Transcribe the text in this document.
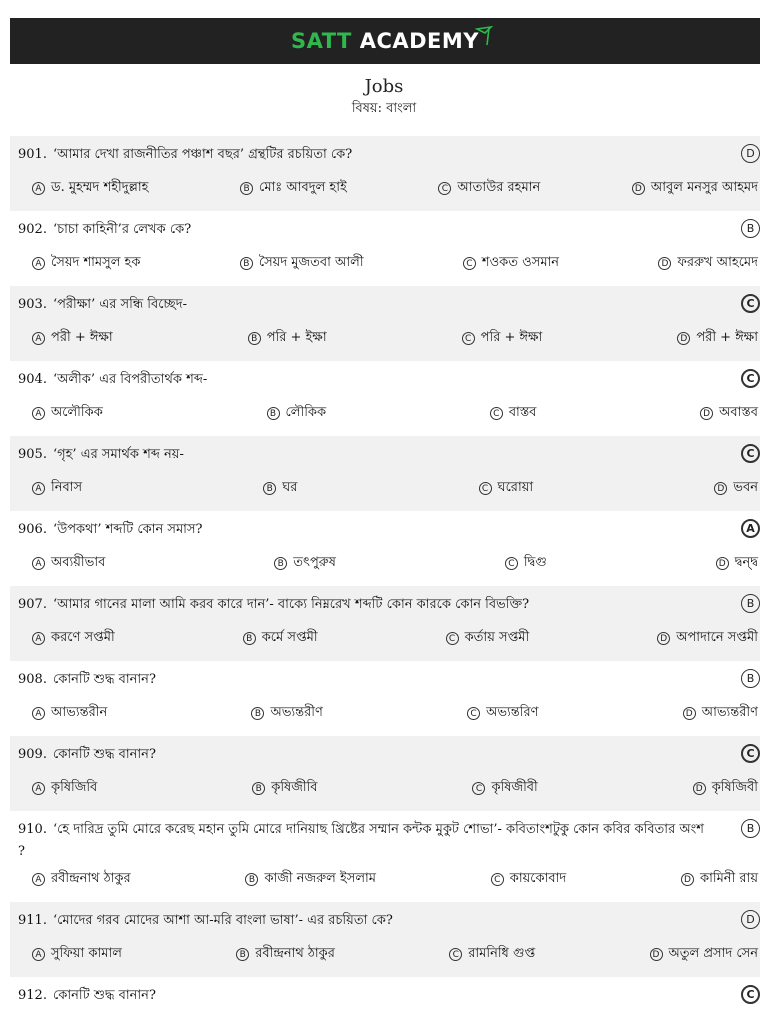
SATT ACADEMY
Jobs
বিষয়: বাংলা
901. ‘আমার দেখা রাজনীতির পঞ্চাশ বছর’ গ্রন্থটির রচয়িতা কে?	D
A ড. মুহম্মদ শহীদুল্লাহ	B মোঃ আবদুল হাই	C আতাউর রহমান	D আবুল মনসুর আহমদ
902. ‘চাচা কাহিনী’র লেখক কে?	B
A সৈয়দ শামসুল হক	B সৈয়দ মুজতবা আলী	C শওকত ওসমান	D ফররুখ আহমেদ
903. ‘পরীক্ষা’ এর সন্ধি বিচ্ছেদ-	C
A পরী + ঈক্ষা	B পরি + ইক্ষা	C পরি + ঈক্ষা	D পরী + ঈক্ষা
904. ‘অলীক’ এর বিপরীতার্থক শব্দ-	C
A অলৌকিক	B লৌকিক	C বাস্তব	D অবাস্তব
905. ‘গৃহ’ এর সমার্থক শব্দ নয়-	C
A নিবাস	B ঘর	C ঘরোয়া	D ভবন
906. ‘উপকথা’ শব্দটি কোন সমাস?	A
A অব্যয়ীভাব	B তৎপুরুষ	C দ্বিগু	D দ্বন্দ্ব
907. ‘আমার গানের মালা আমি করব কারে দান’- বাক্যে নিম্নরেখ শব্দটি কোন কারকে কোন বিভক্তি?	B
A করণে সপ্তমী	B কর্মে সপ্তমী	C কর্তায় সপ্তমী	D অপাদানে সপ্তমী
908. কোনটি শুদ্ধ বানান?	B
A আভ্যন্তরীন	B অভ্যন্তরীণ	C অভ্যন্তরিণ	D আভ্যন্তরীণ
909. কোনটি শুদ্ধ বানান?	C
A কৃষিজিবি	B কৃষিজীবি	C কৃষিজীবী	D কৃষিজিবী
910. ‘হে দারিদ্র তুমি মোরে করেছ মহান তুমি মোরে দানিয়াছ খ্রিষ্টের সম্মান কন্টক মুকুট শোভা’- কবিতাংশটুকু কোন কবির কবিতার অংশ ?
B
A রবীন্দ্রনাথ ঠাকুর	B কাজী নজরুল ইসলাম	C কায়কোবাদ	D কামিনী রায়
911. ‘মোদের গরব মোদের আশা আ-মরি বাংলা ভাষা’- এর রচয়িতা কে?	D
A সুফিয়া কামাল	B রবীন্দ্রনাথ ঠাকুর	C রামনিধি গুপ্ত	D অতুল প্রসাদ সেন
912. কোনটি শুদ্ধ বানান?	C
